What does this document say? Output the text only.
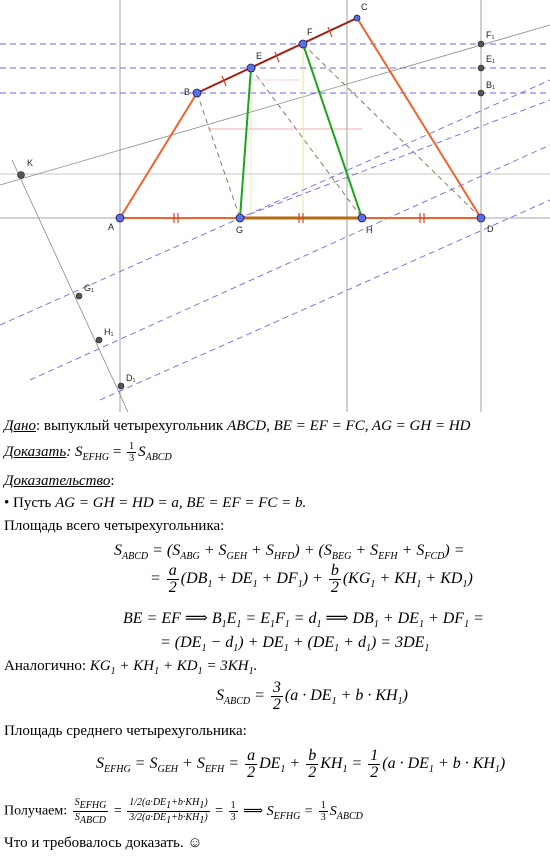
A
B
C
D
E
F
G	H
K
G₁
H₁
D₁
F₁
E₁
B₁
Дано: выпуклый четырехугольник ABCD, BE = EF = FC, AG = GH = HD
Доказать: $S_{EFHG} = \frac{1}{3} S_{ABCD}$
Доказательство:
• Пусть AG = GH = HD = a, BE = EF = FC = b.
Площадь всего четырехугольника:
$S_{ABCD} = (S_{ABG} + S_{GEH} + S_{HFD}) + (S_{BEG} + S_{EFH} + S_{FCD})$ =
= $\frac{a}{2} (DB_1 + DE_1 + DF_1) + \frac{b}{2} (KG_1 + KH_1 + KD_1)$
BE = EF ⟹ $B_1E_1 = E_1F_1 = d_1$ ⟹ $DB_1 + DE_1 + DF_1$ =
= $(DE_1 - d_1) + DE_1 + (DE_1 + d_1) = 3DE_1$
Аналогично: $KG_1 + KH_1 + KD_1 = 3KH_1$.
$S_{ABCD} = \frac{3}{2} (a \cdot DE_1 + b \cdot KH_1)$
Площадь среднего четырехугольника:
$S_{EFHG} = S_{GEH} + S_{EFH} = \frac{a}{2} DE_1 + \frac{b}{2} KH_1 = \frac{1}{2} (a \cdot DE_1 + b \cdot KH_1)$
Получаем: $\frac{S_{EFHG}}{S_{ABCD}} = \frac{1/2(a\cdot DE_1+b\cdot KH_1)}{3/2(a\cdot DE_1+b\cdot KH_1)} = \frac{1}{3}$ ⟹ $S_{EFHG} = \frac{1}{3} S_{ABCD}$
Что и требовалось доказать. ☺
